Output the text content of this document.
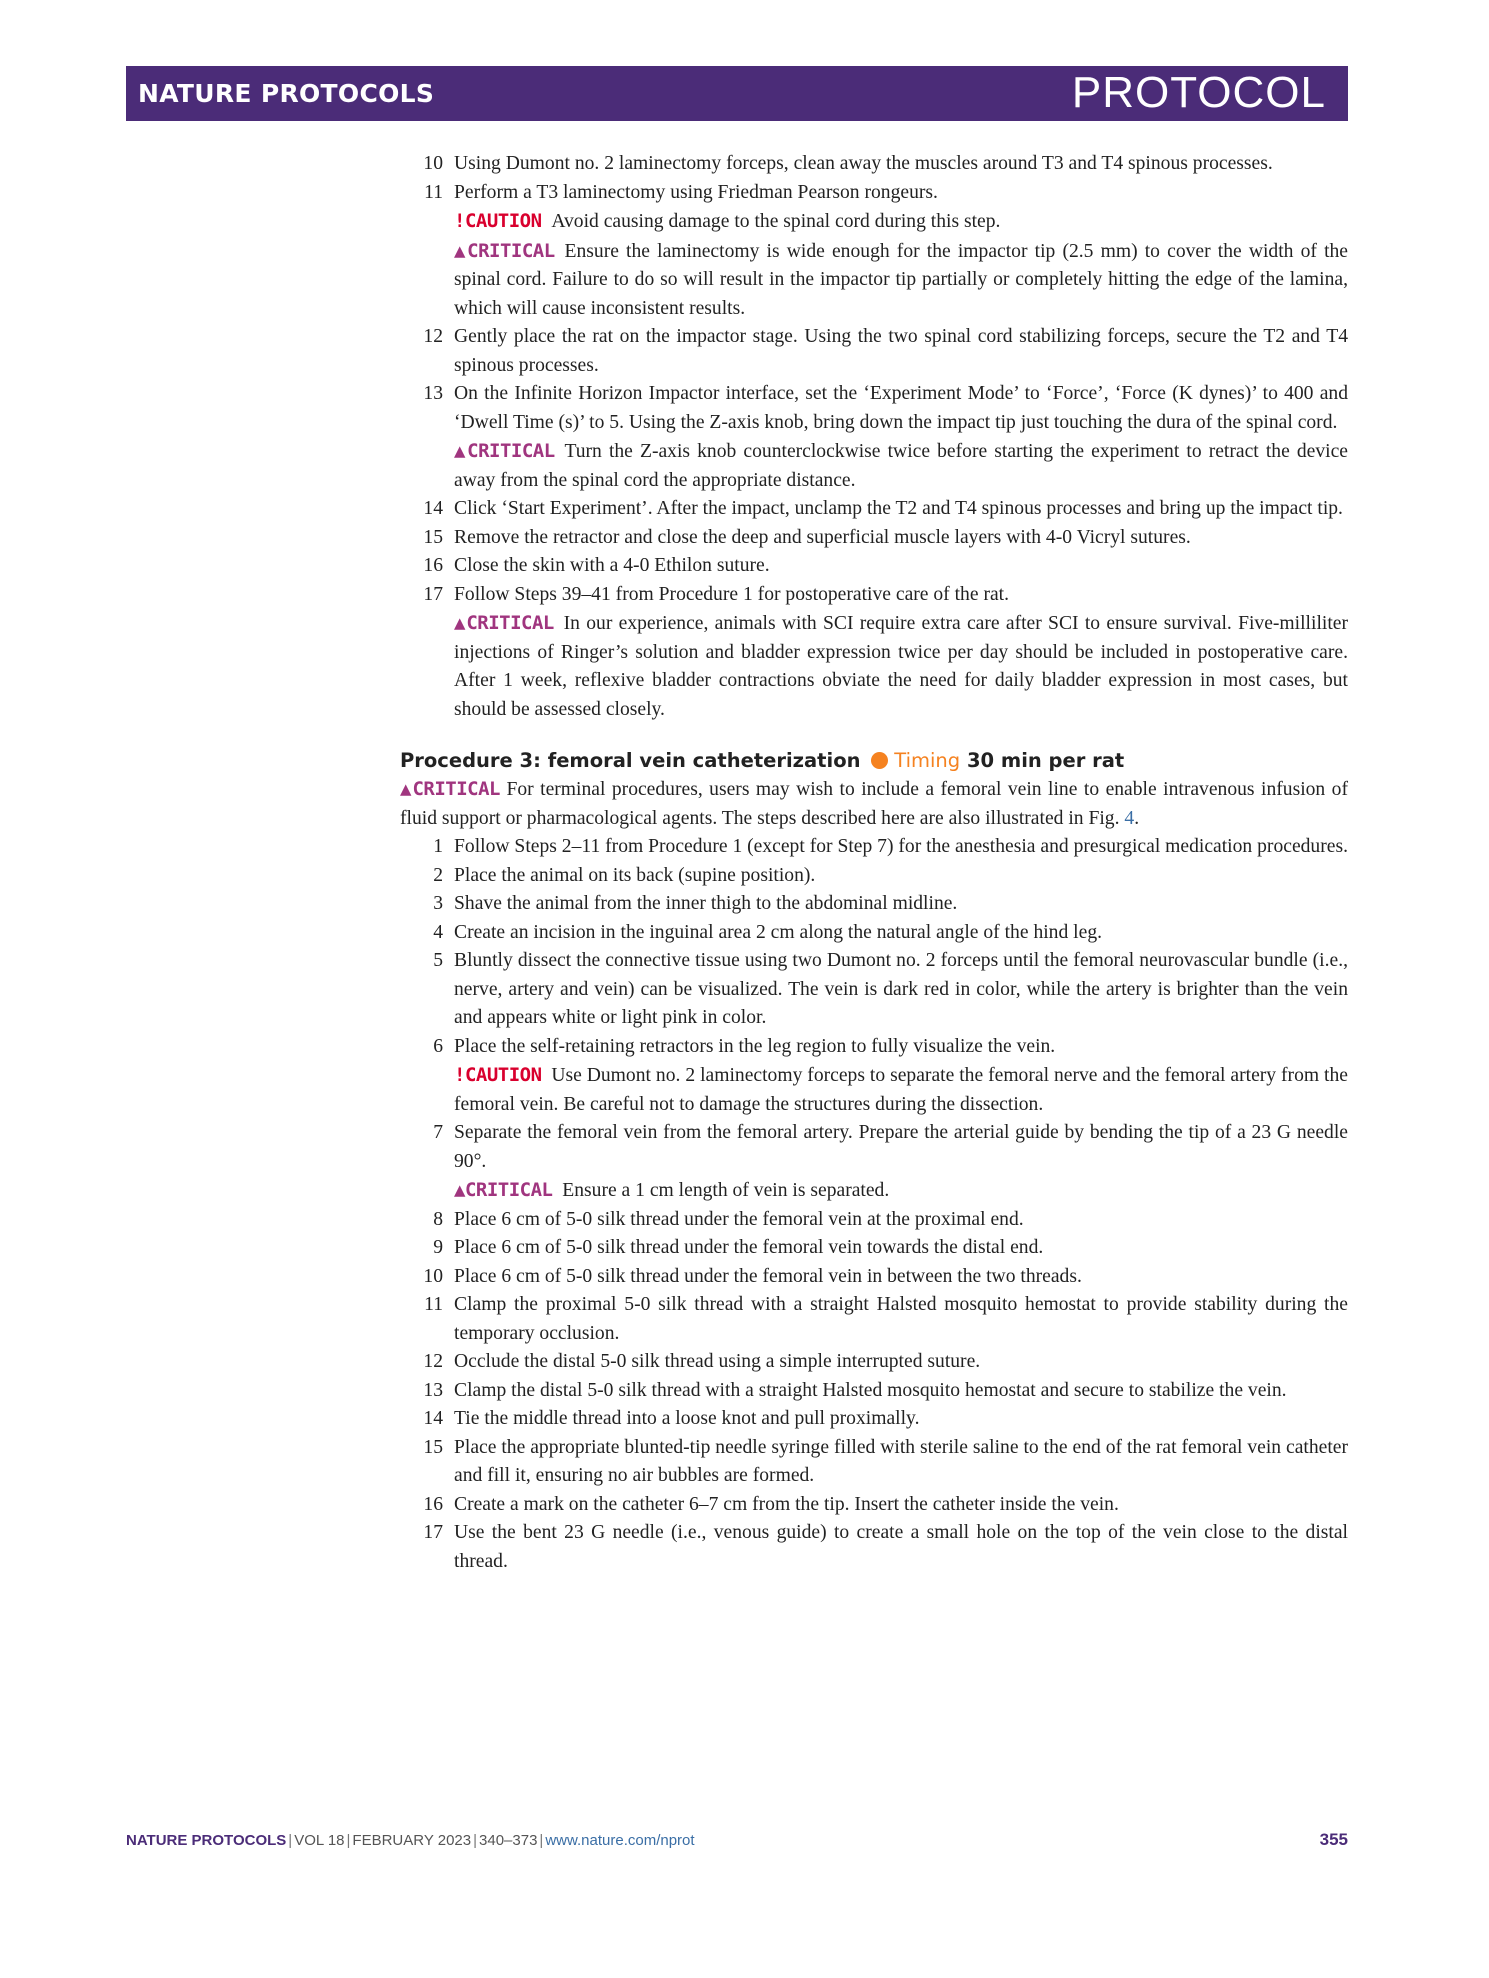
NATURE PROTOCOLS	PROTOCOL
10 Using Dumont no. 2 laminectomy forceps, clean away the muscles around T3 and T4 spinous processes.
11 Perform a T3 laminectomy using Friedman Pearson rongeurs.
!CAUTION  Avoid causing damage to the spinal cord during this step.
▲CRITICAL  Ensure the laminectomy is wide enough for the impactor tip (2.5 mm) to cover the width of the spinal cord. Failure to do so will result in the impactor tip partially or completely hitting the edge of the lamina, which will cause inconsistent results.
12 Gently place the rat on the impactor stage. Using the two spinal cord stabilizing forceps, secure the T2 and T4 spinous processes.
13 On the Infinite Horizon Impactor interface, set the ‘Experiment Mode’ to ‘Force’, ‘Force (K dynes)’ to 400 and ‘Dwell Time (s)’ to 5. Using the Z-axis knob, bring down the impact tip just touching the dura of the spinal cord.
▲CRITICAL  Turn the Z-axis knob counterclockwise twice before starting the experiment to retract the device away from the spinal cord the appropriate distance.
14 Click ‘Start Experiment’. After the impact, unclamp the T2 and T4 spinous processes and bring up the impact tip.
15 Remove the retractor and close the deep and superficial muscle layers with 4-0 Vicryl sutures.
16 Close the skin with a 4-0 Ethilon suture.
17 Follow Steps 39–41 from Procedure 1 for postoperative care of the rat.
▲CRITICAL  In our experience, animals with SCI require extra care after SCI to ensure survival. Five-milliliter injections of Ringer’s solution and bladder expression twice per day should be included in postoperative care. After 1 week, reflexive bladder contractions obviate the need for daily bladder expression in most cases, but should be assessed closely.
Procedure 3: femoral vein catheterization Timing 30 min per rat
▲CRITICAL For terminal procedures, users may wish to include a femoral vein line to enable intravenous infusion of fluid support or pharmacological agents. The steps described here are also illustrated in Fig. 4.
1 Follow Steps 2–11 from Procedure 1 (except for Step 7) for the anesthesia and presurgical medication procedures.
2 Place the animal on its back (supine position).
3 Shave the animal from the inner thigh to the abdominal midline.
4 Create an incision in the inguinal area 2 cm along the natural angle of the hind leg.
5 Bluntly dissect the connective tissue using two Dumont no. 2 forceps until the femoral neurovascular bundle (i.e., nerve, artery and vein) can be visualized. The vein is dark red in color, while the artery is brighter than the vein and appears white or light pink in color.
6 Place the self-retaining retractors in the leg region to fully visualize the vein.
!CAUTION  Use Dumont no. 2 laminectomy forceps to separate the femoral nerve and the femoral artery from the femoral vein. Be careful not to damage the structures during the dissection.
7 Separate the femoral vein from the femoral artery. Prepare the arterial guide by bending the tip of a 23 G needle 90°.
▲CRITICAL  Ensure a 1 cm length of vein is separated.
8 Place 6 cm of 5-0 silk thread under the femoral vein at the proximal end.
9 Place 6 cm of 5-0 silk thread under the femoral vein towards the distal end.
10 Place 6 cm of 5-0 silk thread under the femoral vein in between the two threads.
11 Clamp the proximal 5-0 silk thread with a straight Halsted mosquito hemostat to provide stability during the temporary occlusion.
12 Occlude the distal 5-0 silk thread using a simple interrupted suture.
13 Clamp the distal 5-0 silk thread with a straight Halsted mosquito hemostat and secure to stabilize the vein.
14 Tie the middle thread into a loose knot and pull proximally.
15 Place the appropriate blunted-tip needle syringe filled with sterile saline to the end of the rat femoral vein catheter and fill it, ensuring no air bubbles are formed.
16 Create a mark on the catheter 6–7 cm from the tip. Insert the catheter inside the vein.
17 Use the bent 23 G needle (i.e., venous guide) to create a small hole on the top of the vein close to the distal thread.
NATURE PROTOCOLS | VOL 18 | FEBRUARY 2023 | 340–373 | www.nature.com/nprot	355
